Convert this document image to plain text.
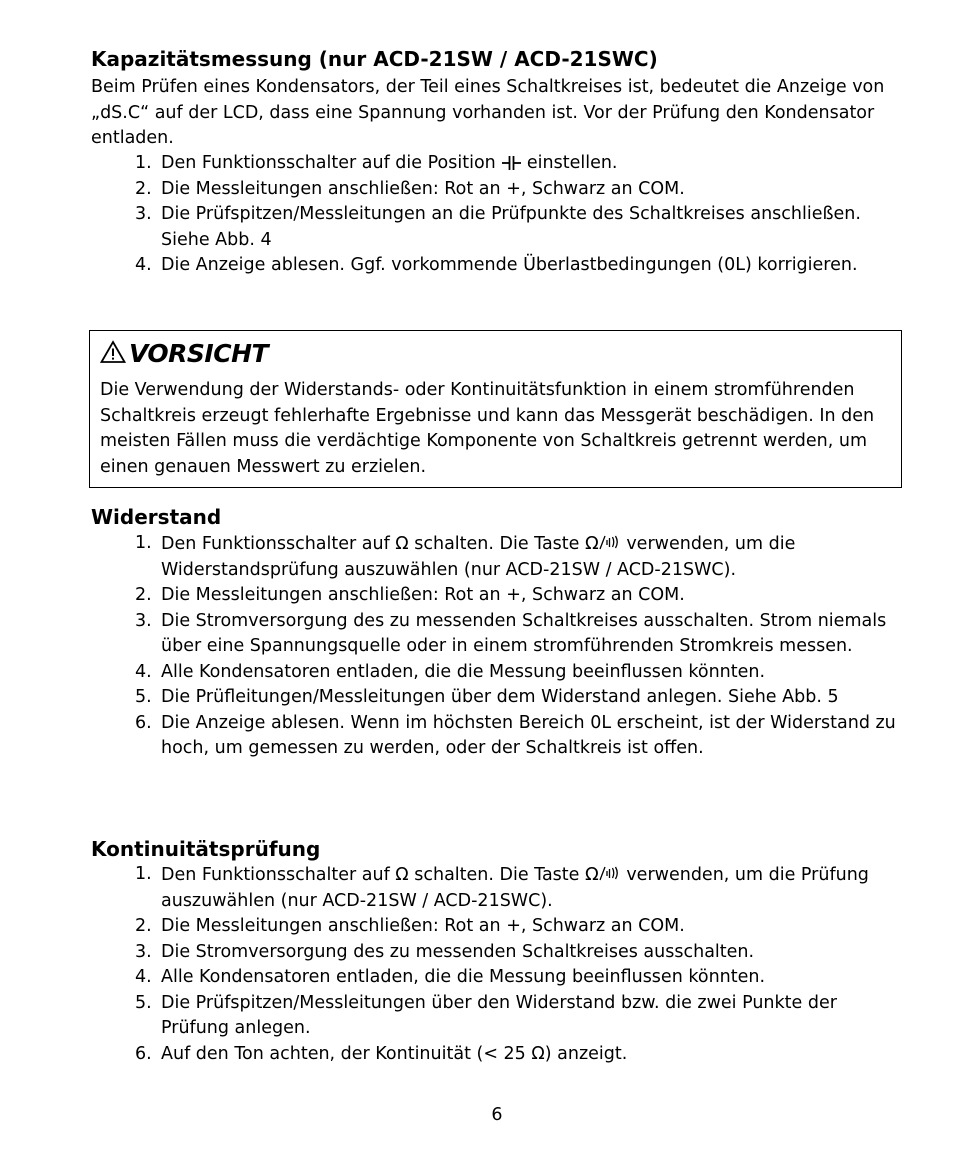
Kapazitätsmessung (nur ACD-21SW / ACD-21SWC)

Beim Prüfen eines Kondensators, der Teil eines Schaltkreises ist, bedeutet die Anzeige von „dS.C“ auf der LCD, dass eine Spannung vorhanden ist. Vor der Prüfung den Kondensator entladen.

1. Den Funktionsschalter auf die Position  einstellen.
2. Die Messleitungen anschließen: Rot an +, Schwarz an COM.
3. Die Prüfspitzen/Messleitungen an die Prüfpunkte des Schaltkreises anschließen. Siehe Abb. 4
4. Die Anzeige ablesen. Ggf. vorkommende Überlastbedingungen (0L) korrigieren.
VORSICHT

Die Verwendung der Widerstands- oder Kontinuitätsfunktion in einem stromführenden Schaltkreis erzeugt fehlerhafte Ergebnisse und kann das Messgerät beschädigen. In den meisten Fällen muss die verdächtige Komponente von Schaltkreis getrennt werden, um einen genauen Messwert zu erzielen.

Widerstand
1. Den Funktionsschalter auf Ω schalten. Die Taste Ω verwenden, um die Widerstandsprüfung auszuwählen (nur ACD-21SW / ACD-21SWC).
2. Die Messleitungen anschließen: Rot an +, Schwarz an COM.
3. Die Stromversorgung des zu messenden Schaltkreises ausschalten. Strom niemals über eine Spannungsquelle oder in einem stromführenden Stromkreis messen.
4. Alle Kondensatoren entladen, die die Messung beeinflussen könnten.
5. Die Prüfleitungen/Messleitungen über dem Widerstand anlegen. Siehe Abb. 5
6. Die Anzeige ablesen. Wenn im höchsten Bereich 0L erscheint, ist der Widerstand zu hoch, um gemessen zu werden, oder der Schaltkreis ist offen.
Kontinuitätsprüfung
1. Den Funktionsschalter auf Ω schalten. Die Taste Ω verwenden, um die Prüfung auszuwählen (nur ACD-21SW / ACD-21SWC).
2. Die Messleitungen anschließen: Rot an +, Schwarz an COM.
3. Die Stromversorgung des zu messenden Schaltkreises ausschalten.
4. Alle Kondensatoren entladen, die die Messung beeinflussen könnten.
5. Die Prüfspitzen/Messleitungen über den Widerstand bzw. die zwei Punkte der Prüfung anlegen.
6. Auf den Ton achten, der Kontinuität (< 25 Ω) anzeigt.
6
